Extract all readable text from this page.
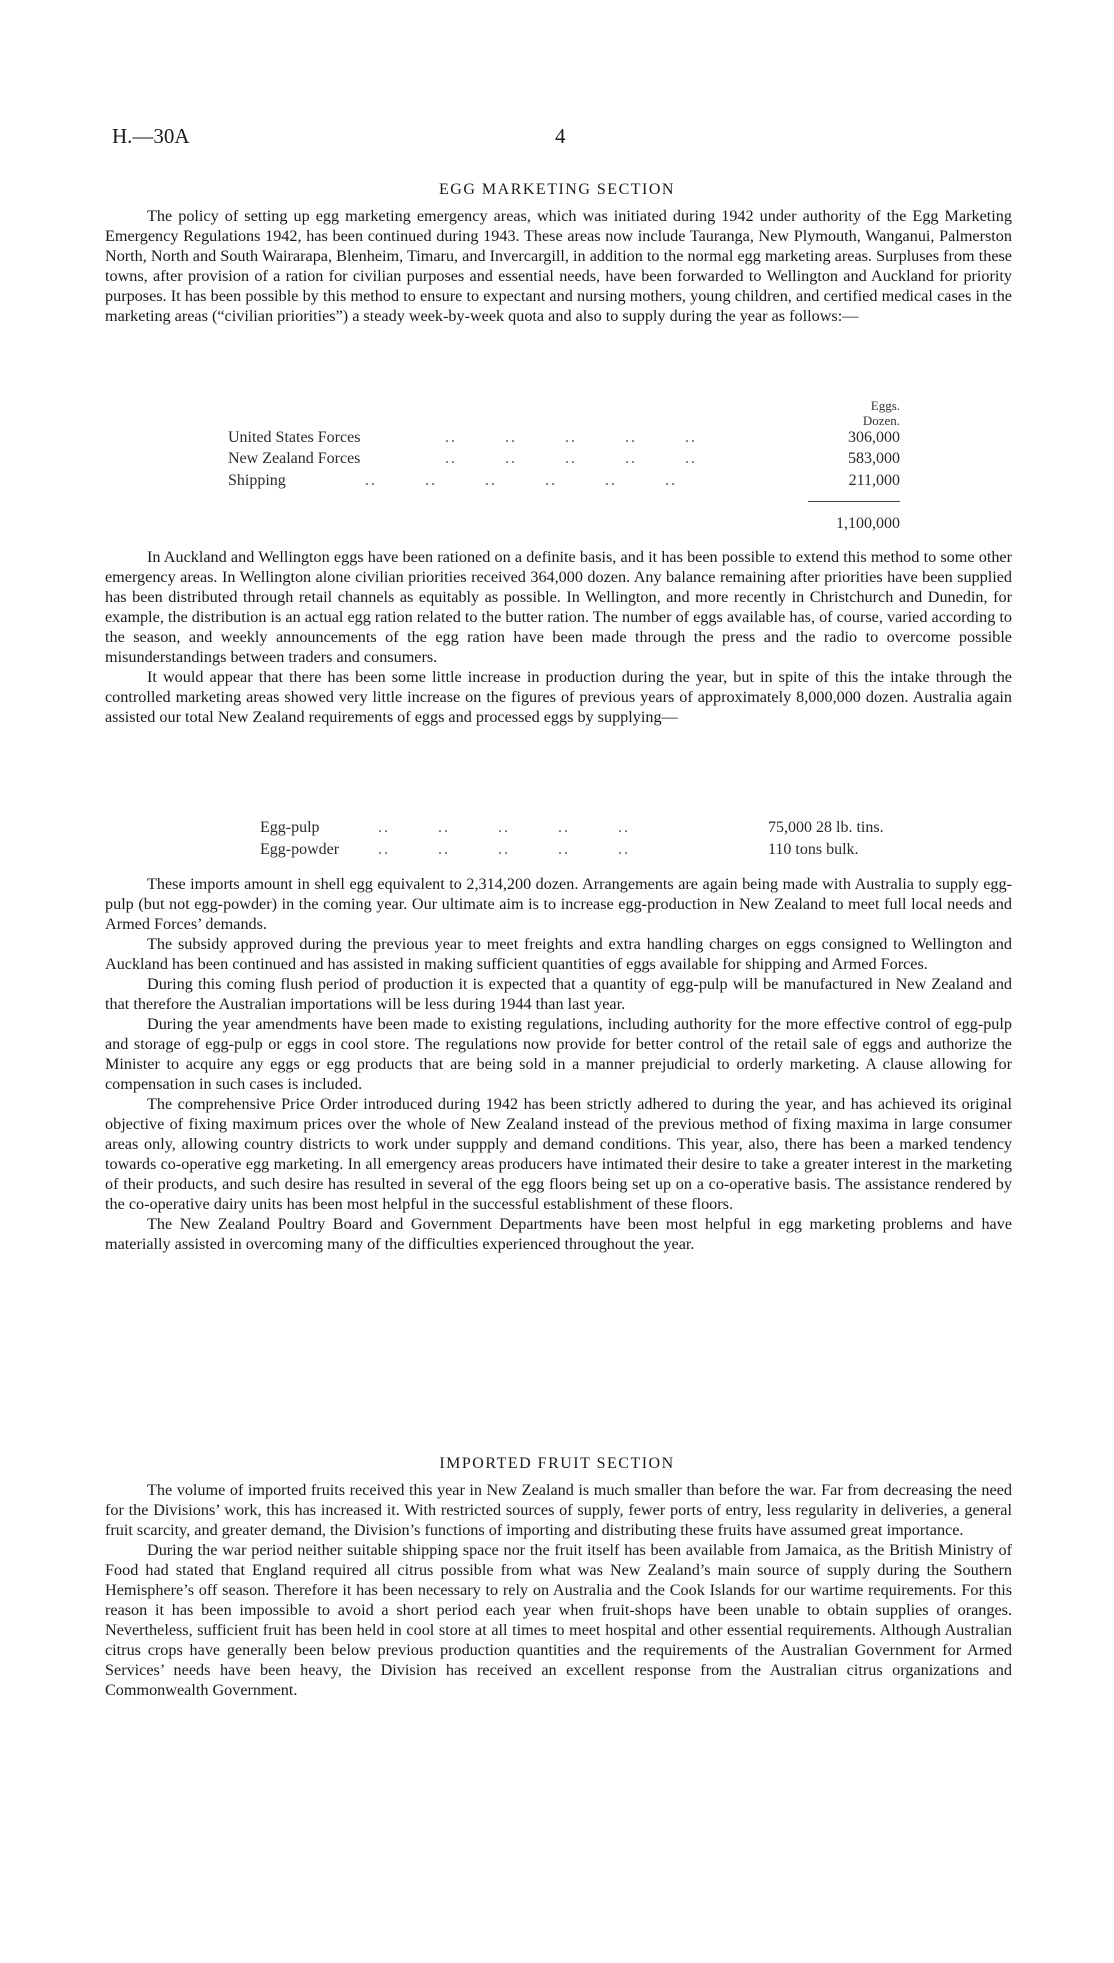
H.—30A	4
EGG MARKETING SECTION

The policy of setting up egg marketing emergency areas, which was initiated during 1942 under authority of the Egg Marketing Emergency Regulations 1942, has been continued during 1943. These areas now include Tauranga, New Plymouth, Wanganui, Palmerston North, North and South Wairarapa, Blenheim, Timaru, and Invercargill, in addition to the normal egg marketing areas. Surpluses from these towns, after provision of a ration for civilian purposes and essential needs, have been forwarded to Wellington and Auckland for priority purposes. It has been possible by this method to ensure to expectant and nursing mothers, young children, and certified medical cases in the marketing areas (“civilian priorities”) a steady week-by-week quota and also to supply during the year as follows:—

Eggs.
Dozen.
United States Forces	..        ..        ..        ..        ..	306,000
New Zealand Forces	..        ..        ..        ..        ..	583,000
Shipping	..        ..        ..        ..        ..        ..	211,000
1,100,000

In Auckland and Wellington eggs have been rationed on a definite basis, and it has been possible to extend this method to some other emergency areas. In Wellington alone civilian priorities received 364,000 dozen. Any balance remaining after priorities have been supplied has been distributed through retail channels as equitably as possible. In Wellington, and more recently in Christchurch and Dunedin, for example, the distribution is an actual egg ration related to the butter ration. The number of eggs available has, of course, varied according to the season, and weekly announcements of the egg ration have been made through the press and the radio to overcome possible misunderstandings between traders and consumers.

It would appear that there has been some little increase in production during the year, but in spite of this the intake through the controlled marketing areas showed very little increase on the figures of previous years of approximately 8,000,000 dozen. Australia again assisted our total New Zealand requirements of eggs and processed eggs by supplying—

Egg-pulp	..        ..        ..        ..        ..	75,000 28 lb. tins.
Egg-powder ..        ..        ..        ..        ..	110 tons bulk.

These imports amount in shell egg equivalent to 2,314,200 dozen. Arrangements are again being made with Australia to supply egg-pulp (but not egg-powder) in the coming year. Our ultimate aim is to increase egg-production in New Zealand to meet full local needs and Armed Forces’ demands.

The subsidy approved during the previous year to meet freights and extra handling charges on eggs consigned to Wellington and Auckland has been continued and has assisted in making sufficient quantities of eggs available for shipping and Armed Forces.

During this coming flush period of production it is expected that a quantity of egg-pulp will be manufactured in New Zealand and that therefore the Australian importations will be less during 1944 than last year.

During the year amendments have been made to existing regulations, including authority for the more effective control of egg-pulp and storage of egg-pulp or eggs in cool store. The regulations now provide for better control of the retail sale of eggs and authorize the Minister to acquire any eggs or egg products that are being sold in a manner prejudicial to orderly marketing. A clause allowing for compensation in such cases is included.

The comprehensive Price Order introduced during 1942 has been strictly adhered to during the year, and has achieved its original objective of fixing maximum prices over the whole of New Zealand instead of the previous method of fixing maxima in large consumer areas only, allowing country districts to work under suppply and demand conditions. This year, also, there has been a marked tendency towards co-operative egg marketing. In all emergency areas producers have intimated their desire to take a greater interest in the marketing of their products, and such desire has resulted in several of the egg floors being set up on a co-operative basis. The assistance rendered by the co-operative dairy units has been most helpful in the successful establishment of these floors.

The New Zealand Poultry Board and Government Departments have been most helpful in egg marketing problems and have materially assisted in overcoming many of the difficulties experienced throughout the year.

IMPORTED FRUIT SECTION

The volume of imported fruits received this year in New Zealand is much smaller than before the war. Far from decreasing the need for the Divisions’ work, this has increased it. With restricted sources of supply, fewer ports of entry, less regularity in deliveries, a general fruit scarcity, and greater demand, the Division’s functions of importing and distributing these fruits have assumed great importance.

During the war period neither suitable shipping space nor the fruit itself has been available from Jamaica, as the British Ministry of Food had stated that England required all citrus possible from what was New Zealand’s main source of supply during the Southern Hemisphere’s off season. Therefore it has been necessary to rely on Australia and the Cook Islands for our wartime requirements. For this reason it has been impossible to avoid a short period each year when fruit-shops have been unable to obtain supplies of oranges. Nevertheless, sufficient fruit has been held in cool store at all times to meet hospital and other essential requirements. Although Australian citrus crops have generally been below previous production quantities and the requirements of the Australian Government for Armed Services’ needs have been heavy, the Division has received an excellent response from the Australian citrus organizations and Commonwealth Government.
